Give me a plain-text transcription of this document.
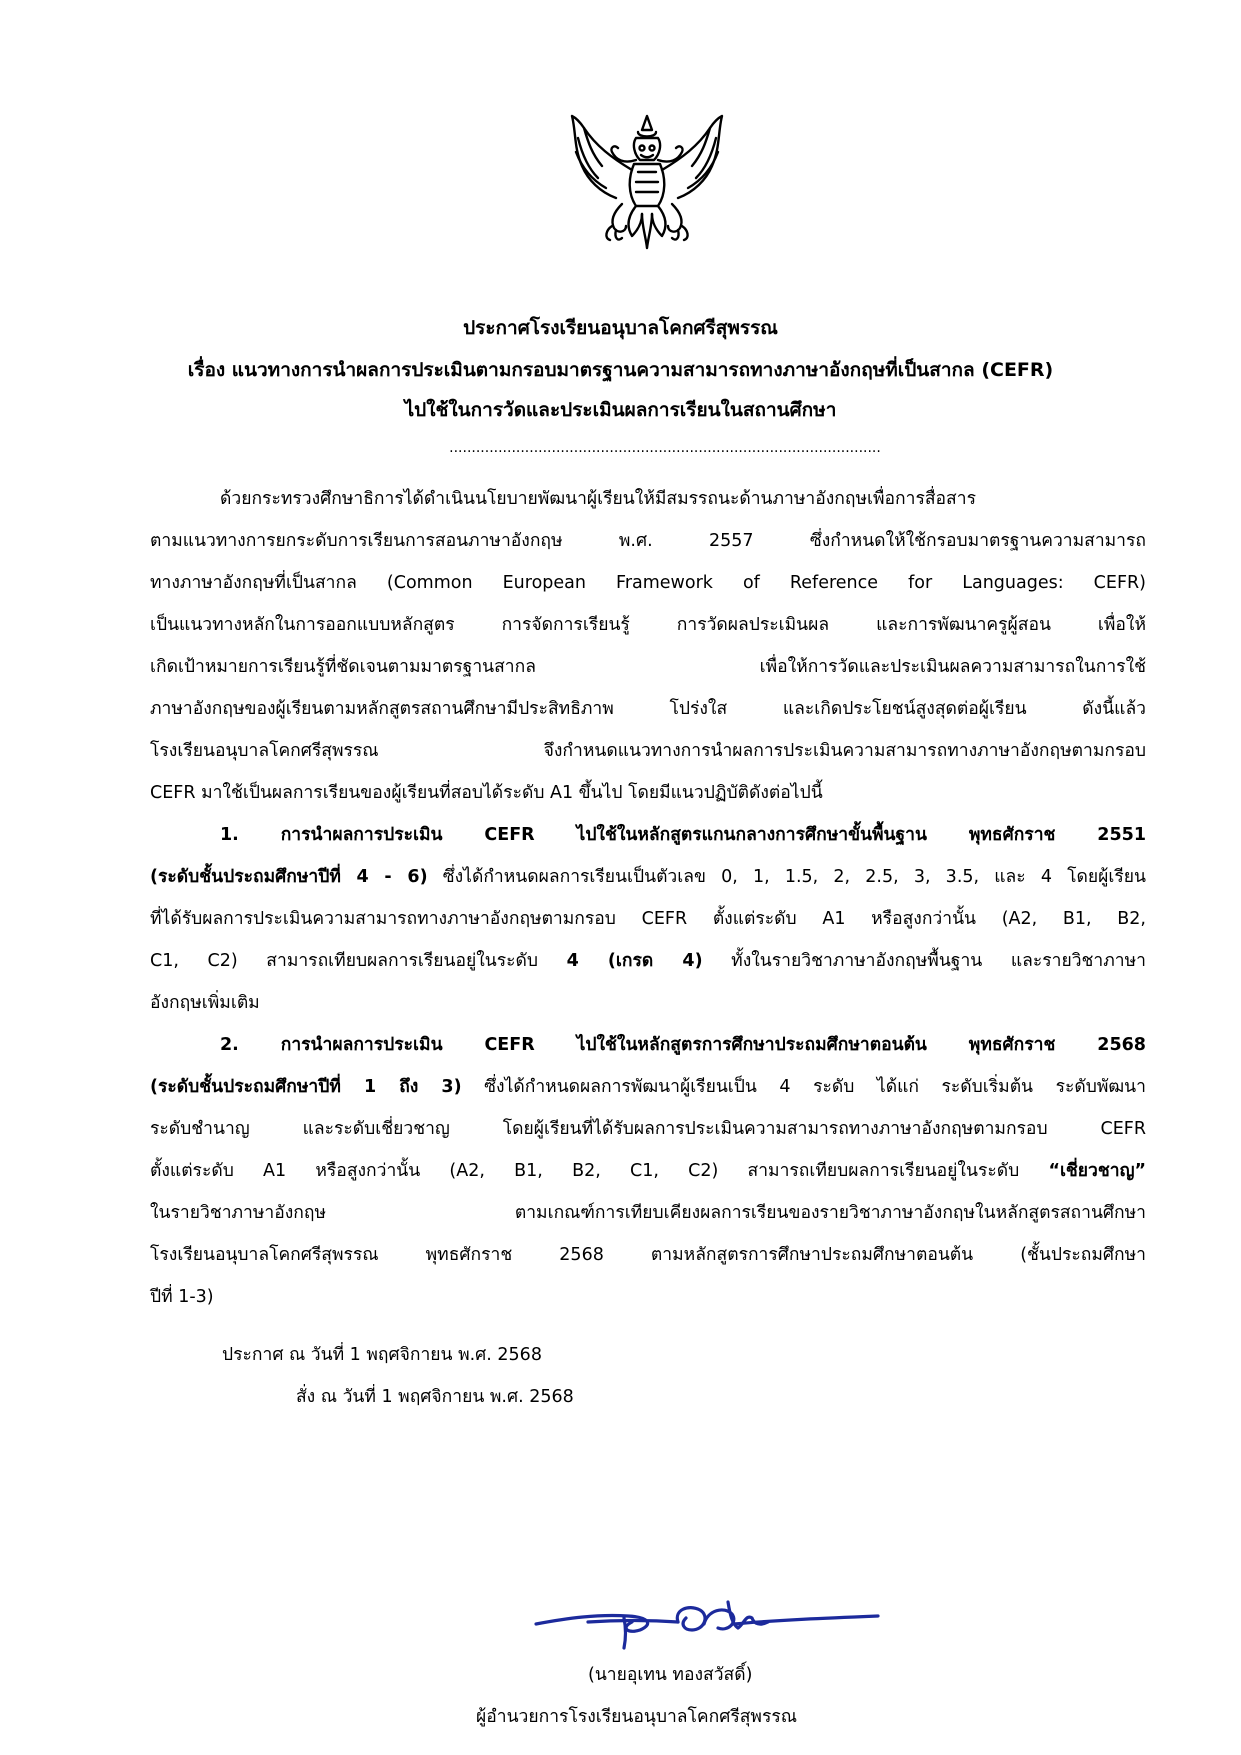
ประกาศโรงเรียนอนุบาลโคกศรีสุพรรณ
เรื่อง แนวทางการนำผลการประเมินตามกรอบมาตรฐานความสามารถทางภาษาอังกฤษที่เป็นสากล (CEFR)
ไปใช้ในการวัดและประเมินผลการเรียนในสถานศึกษา
.................................................................................................
ด้วยกระทรวงศึกษาธิการได้ดำเนินนโยบายพัฒนาผู้เรียนให้มีสมรรถนะด้านภาษาอังกฤษเพื่อการสื่อสาร
ตามแนวทางการยกระดับการเรียนการสอนภาษาอังกฤษ พ.ศ. 2557 ซึ่งกำหนดให้ใช้กรอบมาตรฐานความสามารถ
ทางภาษาอังกฤษที่เป็นสากล (Common European Framework of Reference for Languages: CEFR)
เป็นแนวทางหลักในการออกแบบหลักสูตร การจัดการเรียนรู้ การวัดผลประเมินผล และการพัฒนาครูผู้สอน เพื่อให้
เกิดเป้าหมายการเรียนรู้ที่ชัดเจนตามมาตรฐานสากล เพื่อให้การวัดและประเมินผลความสามารถในการใช้
ภาษาอังกฤษของผู้เรียนตามหลักสูตรสถานศึกษามีประสิทธิภาพ โปร่งใส และเกิดประโยชน์สูงสุดต่อผู้เรียน ดังนี้แล้ว
โรงเรียนอนุบาลโคกศรีสุพรรณ จึงกำหนดแนวทางการนำผลการประเมินความสามารถทางภาษาอังกฤษตามกรอบ
CEFR มาใช้เป็นผลการเรียนของผู้เรียนที่สอบได้ระดับ A1 ขึ้นไป โดยมีแนวปฏิบัติดังต่อไปนี้
1. การนำผลการประเมิน CEFR ไปใช้ในหลักสูตรแกนกลางการศึกษาขั้นพื้นฐาน พุทธศักราช 2551
(ระดับชั้นประถมศึกษาปีที่ 4 - 6) ซึ่งได้กำหนดผลการเรียนเป็นตัวเลข 0, 1, 1.5, 2, 2.5, 3, 3.5, และ 4 โดยผู้เรียน
ที่ได้รับผลการประเมินความสามารถทางภาษาอังกฤษตามกรอบ CEFR ตั้งแต่ระดับ A1 หรือสูงกว่านั้น (A2, B1, B2,
C1, C2) สามารถเทียบผลการเรียนอยู่ในระดับ 4 (เกรด 4) ทั้งในรายวิชาภาษาอังกฤษพื้นฐาน และรายวิชาภาษา
อังกฤษเพิ่มเติม
2. การนำผลการประเมิน CEFR ไปใช้ในหลักสูตรการศึกษาประถมศึกษาตอนต้น พุทธศักราช 2568
(ระดับชั้นประถมศึกษาปีที่ 1 ถึง 3) ซึ่งได้กำหนดผลการพัฒนาผู้เรียนเป็น 4 ระดับ ได้แก่ ระดับเริ่มต้น ระดับพัฒนา
ระดับชำนาญ และระดับเชี่ยวชาญ โดยผู้เรียนที่ได้รับผลการประเมินความสามารถทางภาษาอังกฤษตามกรอบ CEFR
ตั้งแต่ระดับ A1 หรือสูงกว่านั้น (A2, B1, B2, C1, C2) สามารถเทียบผลการเรียนอยู่ในระดับ “เชี่ยวชาญ”
ในรายวิชาภาษาอังกฤษ ตามเกณฑ์การเทียบเคียงผลการเรียนของรายวิชาภาษาอังกฤษในหลักสูตรสถานศึกษา
โรงเรียนอนุบาลโคกศรีสุพรรณ พุทธศักราช 2568 ตามหลักสูตรการศึกษาประถมศึกษาตอนต้น (ชั้นประถมศึกษา
ปีที่ 1-3)
ประกาศ ณ วันที่ 1 พฤศจิกายน พ.ศ. 2568
สั่ง ณ วันที่ 1 พฤศจิกายน พ.ศ. 2568
(นายอุเทน ทองสวัสดิ์)
ผู้อำนวยการโรงเรียนอนุบาลโคกศรีสุพรรณ
